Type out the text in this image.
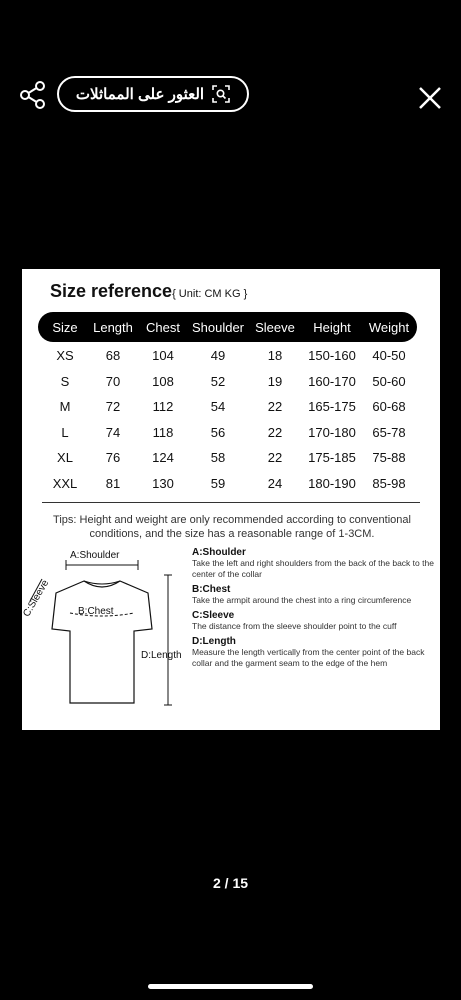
العثور على المماثلات
Size reference{ Unit: CM KG }
Size Length Chest Shoulder Sleeve Height Weight
XS 68 104	49	18 150-160 40-50
S	70 108	52	19 160-170 50-60
M	72 112	54	22 165-175 60-68
L	74 118	56	22 170-180 65-78
XL	76 124	58	22 175-185 75-88
XXL 81 130	59	24 180-190 85-98
Tips: Height and weight are only recommended according to conventional conditions, and the size has a reasonable range of 1-3CM.
A:Shoulder
B:Chest
C:Sleeve
D:Length
A:Shoulder
Take the left and right shoulders from the back of the back to the center of the collar
B:Chest
Take the armpit around the chest into a ring circumference
C:Sleeve
The distance from the sleeve shoulder point to the cuff
D:Length
Measure the length vertically from the center point of the back collar and the garment seam to the edge of the hem
2 / 15
